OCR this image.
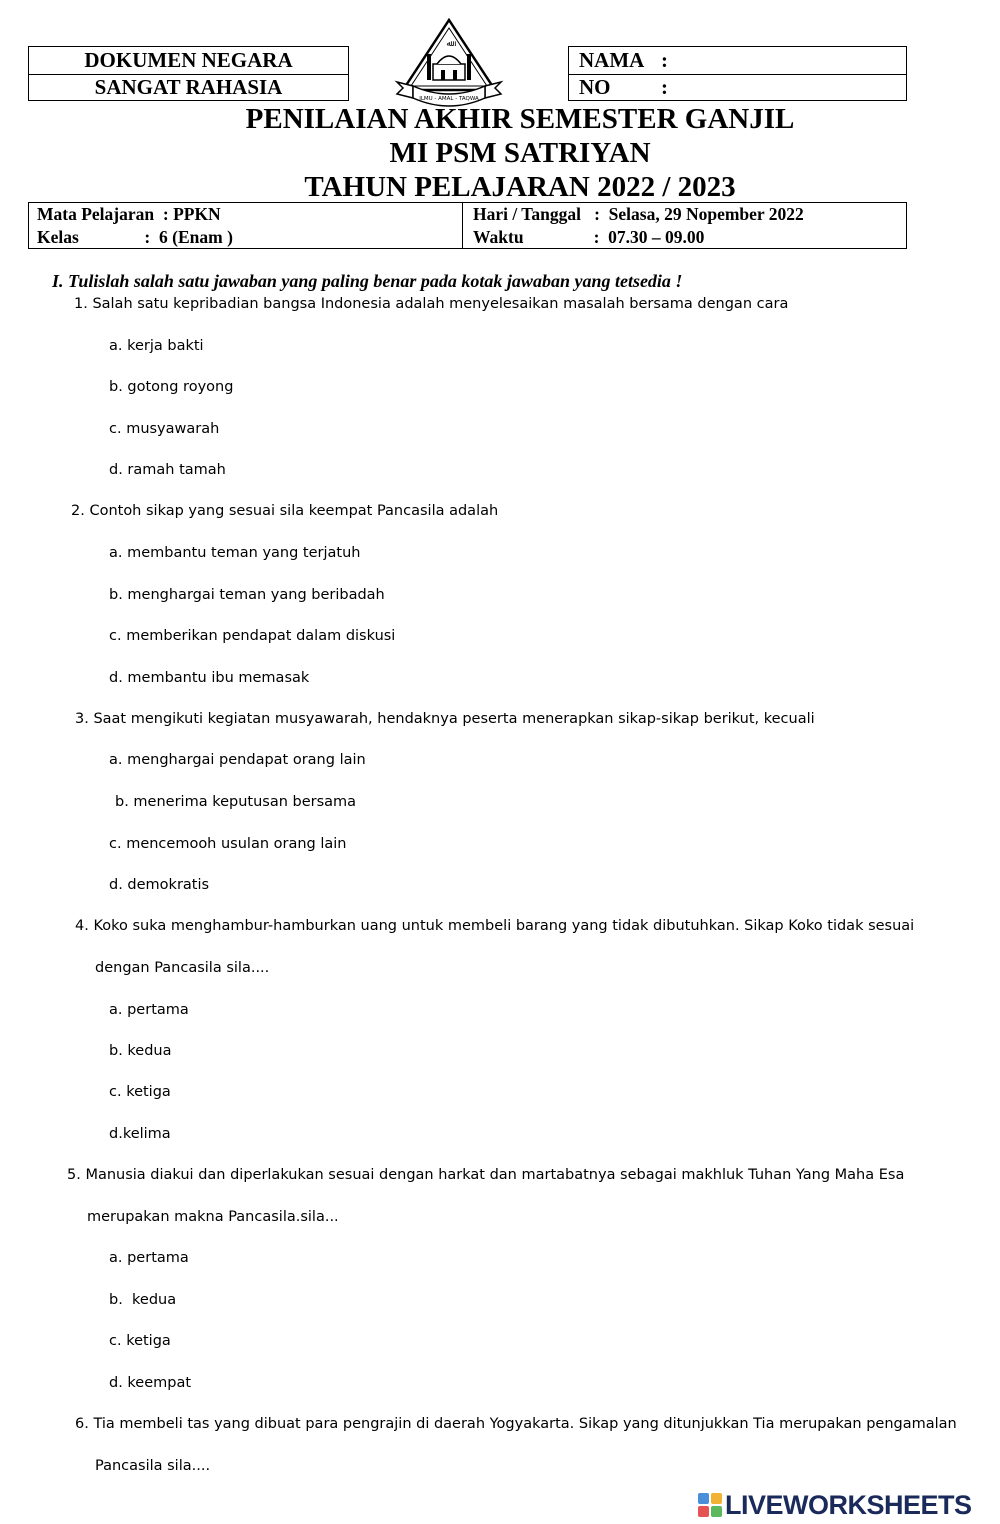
DOKUMEN NEGARA
SANGAT RAHASIA
NAMA :
NO :
ﷲ
ILMU - AMAL - TAQWA
PENILAIAN AKHIR SEMESTER GANJIL
MI PSM SATRIYAN
TAHUN PELAJARAN 2022 / 2023
Mata Pelajaran  : PPKN
Kelas               :  6 (Enam )
Hari / Tanggal   :  Selasa, 29 Nopember 2022
Waktu                :  07.30 – 09.00
I. Tulislah salah satu jawaban yang paling benar pada kotak jawaban yang tetsedia !
1. Salah satu kepribadian bangsa Indonesia adalah menyelesaikan masalah bersama dengan cara
a. kerja bakti
b. gotong royong
c. musyawarah
d. ramah tamah
2. Contoh sikap yang sesuai sila keempat Pancasila adalah
a. membantu teman yang terjatuh
b. menghargai teman yang beribadah
c. memberikan pendapat dalam diskusi
d. membantu ibu memasak
3. Saat mengikuti kegiatan musyawarah, hendaknya peserta menerapkan sikap-sikap berikut, kecuali
a. menghargai pendapat orang lain
b. menerima keputusan bersama
c. mencemooh usulan orang lain
d. demokratis
4. Koko suka menghambur-hamburkan uang untuk membeli barang yang tidak dibutuhkan. Sikap Koko tidak sesuai
dengan Pancasila sila....
a. pertama
b. kedua
c. ketiga
d.kelima
5. Manusia diakui dan diperlakukan sesuai dengan harkat dan martabatnya sebagai makhluk Tuhan Yang Maha Esa
merupakan makna Pancasila.sila...
a. pertama
b.  kedua
c. ketiga
d. keempat
6. Tia membeli tas yang dibuat para pengrajin di daerah Yogyakarta. Sikap yang ditunjukkan Tia merupakan pengamalan
Pancasila sila....
LIVEWORKSHEETS
